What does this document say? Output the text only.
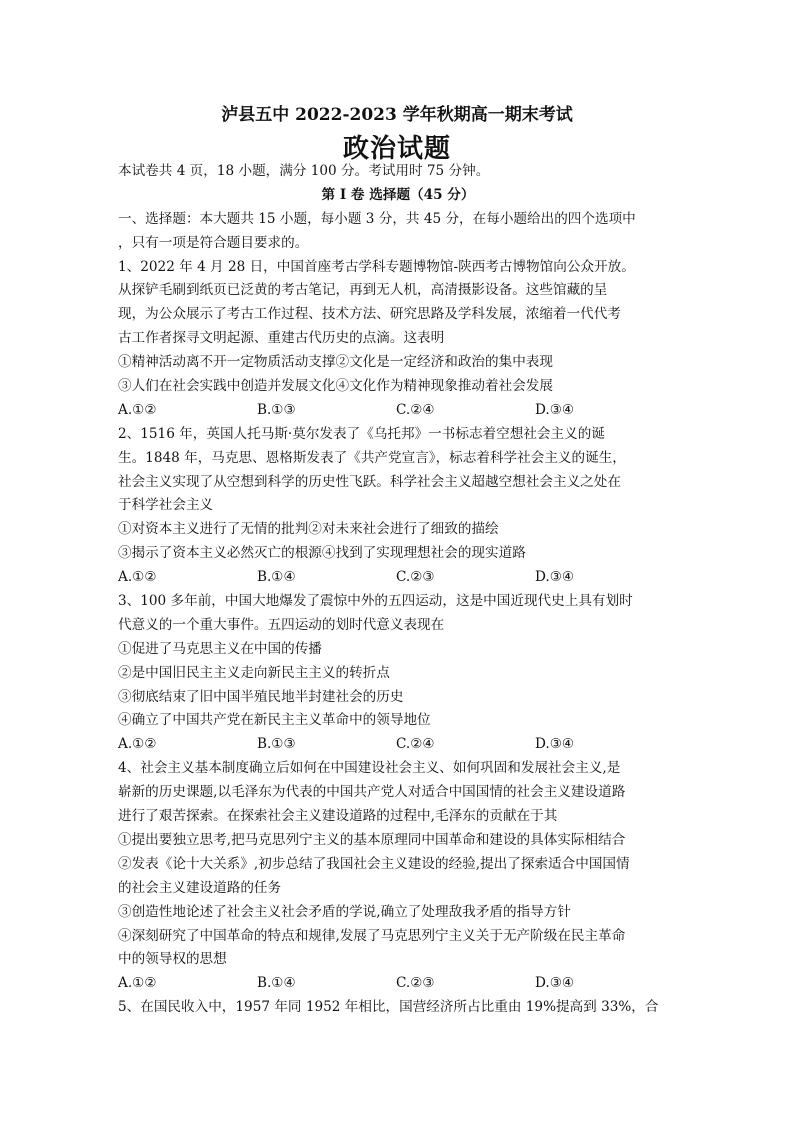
泸县五中 2022-2023 学年秋期高一期末考试
政治试题
本试卷共 4 页，18 小题，满分 100 分。考试用时 75 分钟。
第 I 卷 选择题（45 分）
一、选择题：本大题共 15 小题，每小题 3 分，共 45 分，在每小题给出的四个选项中
，只有一项是符合题目要求的。
1、2022 年 4 月 28 日，中国首座考古学科专题博物馆-陕西考古博物馆向公众开放。
从探铲毛刷到纸页已泛黄的考古笔记，再到无人机，高清摄影设备。这些馆藏的呈
现，为公众展示了考古工作过程、技术方法、研究思路及学科发展，浓缩着一代代考
古工作者探寻文明起源、重建古代历史的点滴。这表明
①精神活动离不开一定物质活动支撑②文化是一定经济和政治的集中表现
③人们在社会实践中创造并发展文化④文化作为精神现象推动着社会发展
A.①②	B.①③	C.②④	D.③④
2、1516 年，英国人托马斯·莫尔发表了《乌托邦》一书标志着空想社会主义的诞
生。1848 年，马克思、恩格斯发表了《共产党宣言》，标志着科学社会主义的诞生，
社会主义实现了从空想到科学的历史性飞跃。科学社会主义超越空想社会主义之处在
于科学社会主义
①对资本主义进行了无情的批判②对未来社会进行了细致的描绘
③揭示了资本主义必然灭亡的根源④找到了实现理想社会的现实道路
A.①②	B.①④	C.②③	D.③④
3、100 多年前，中国大地爆发了震惊中外的五四运动，这是中国近现代史上具有划时
代意义的一个重大事件。五四运动的划时代意义表现在
①促进了马克思主义在中国的传播
②是中国旧民主主义走向新民主主义的转折点
③彻底结束了旧中国半殖民地半封建社会的历史
④确立了中国共产党在新民主主义革命中的领导地位
A.①②	B.①③	C.②④	D.③④
4、社会主义基本制度确立后如何在中国建设社会主义、如何巩固和发展社会主义,是
崭新的历史课题,以毛泽东为代表的中国共产党人对适合中国国情的社会主义建设道路
进行了艰苦探索。在探索社会主义建设道路的过程中,毛泽东的贡献在于其
①提出要独立思考,把马克思列宁主义的基本原理同中国革命和建设的具体实际相结合
②发表《论十大关系》,初步总结了我国社会主义建设的经验,提出了探索适合中国国情
的社会主义建设道路的任务
③创造性地论述了社会主义社会矛盾的学说,确立了处理敌我矛盾的指导方针
④深刻研究了中国革命的特点和规律,发展了马克思列宁主义关于无产阶级在民主革命
中的领导权的思想
A.①②	B.①④	C.②③	D.③④
5、在国民收入中，1957 年同 1952 年相比，国营经济所占比重由 19%提高到 33%，合
